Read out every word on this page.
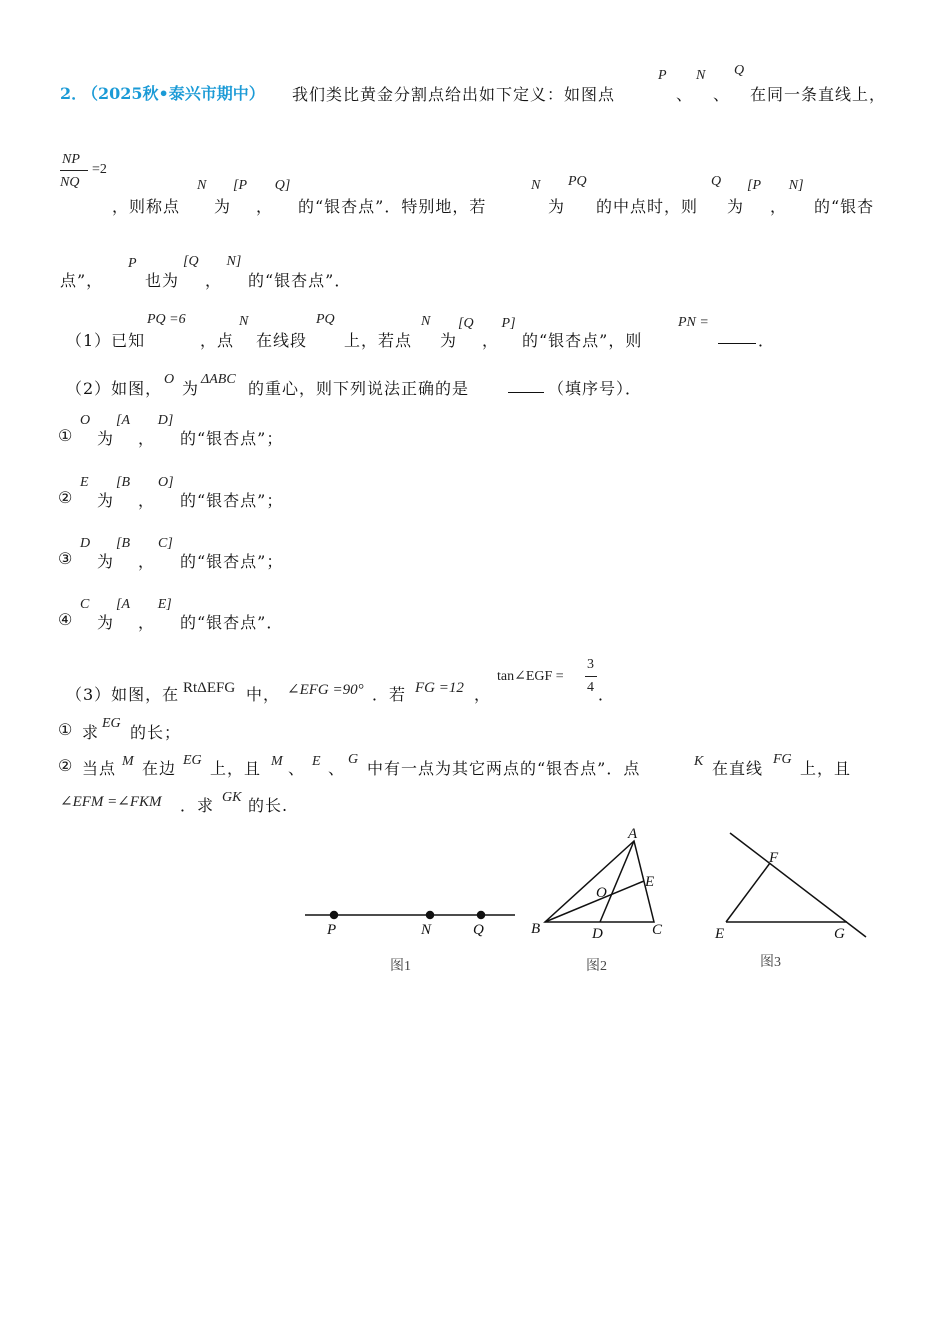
2．
（2025秋•泰兴市期中） 我们类比黄金分割点给出如下定义：如图点
P
、
N
、
Q
在同一条直线上，
NP
NQ
=2
，则称点
N
为
[P　　Q]
， 的“银杏点”．特别地，若
N
为
PQ
的中点时，则
Q
为
[P　　N]
， 的“银杏
点”，
P
也为
[Q　　N]
， 的“银杏点”．
（1）已知
PQ =6
，点
N
在线段
PQ
上，若点
N
为
[Q　　P]
， 的“银杏点”，则
PN =
．
（2）如图， O 为 ΔABC 的重心，则下列说法正确的是	（填序号）．
①
O
为
[A　　D]
， 的“银杏点”；
②
E
为
[B　　O]
， 的“银杏点”；
③
D
为
[B　　C]
， 的“银杏点”；
④
C
为
[A　　E]
， 的“银杏点”．
（3）如图，在 RtΔEFG 中， ∠EFG =90° ．若 FG =12 ，
tan∠EGF =
3
4 ．
① 求 EG 的长；
② 当点 M 在边 EG 上，且 M 、 E 、 G 中有一点为其它两点的“银杏点”．点	K 在直线 FG 上，且
∠EFM =∠FKM ．求 GK 的长.
P	N	Q
图1
A
B	C
D
E
O
图2
F
E	G
图3
